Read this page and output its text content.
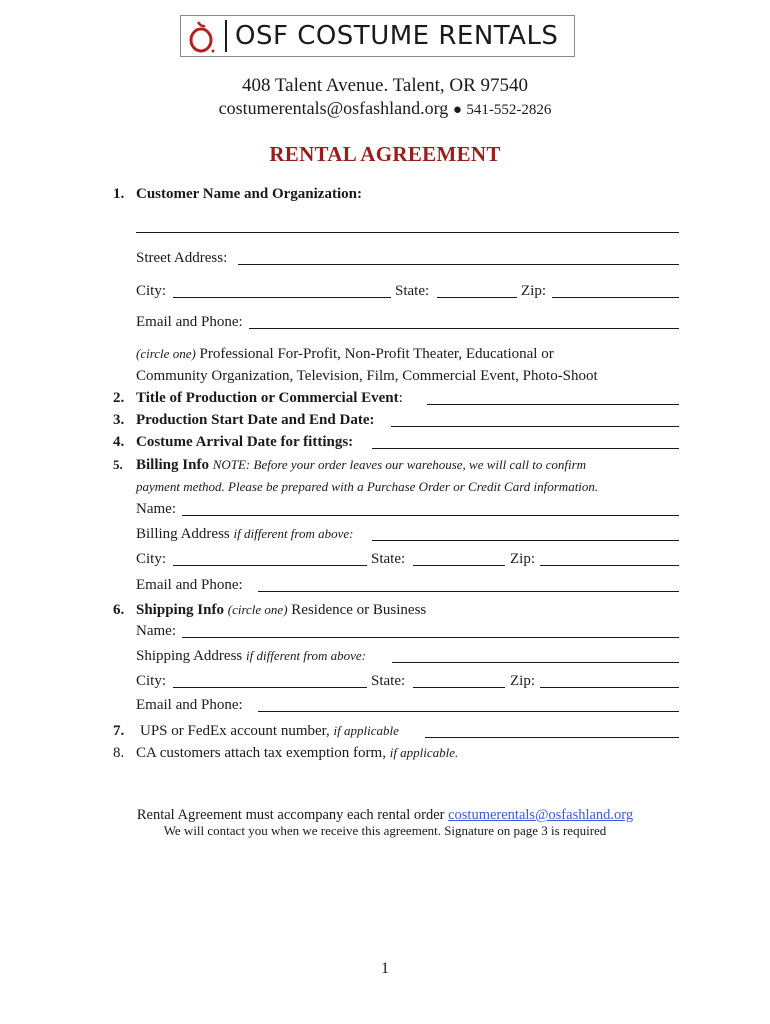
OSF COSTUME RENTALS
408 Talent Avenue. Talent, OR 97540
costumerentals@osfashland.org ● 541-552-2826
RENTAL AGREEMENT
1. Customer Name and Organization:
Street Address:
City:	State:	Zip:
Email and Phone:
(circle one) Professional For-Profit, Non-Profit Theater, Educational or
Community Organization, Television, Film, Commercial Event, Photo-Shoot
2. Title of Production or Commercial Event:
3. Production Start Date and End Date:
4. Costume Arrival Date for fittings:
5. Billing Info NOTE: Before your order leaves our warehouse, we will call to confirm
payment method. Please be prepared with a Purchase Order or Credit Card information.
Name:
Billing Address if different from above:
City:	State:	Zip:
Email and Phone:
6. Shipping Info (circle one) Residence or Business
Name:
Shipping Address if different from above:
City:	State:	Zip:
Email and Phone:
7. UPS or FedEx account number, if applicable
8. CA customers attach tax exemption form, if applicable.
Rental Agreement must accompany each rental order costumerentals@osfashland.org
We will contact you when we receive this agreement. Signature on page 3 is required
1
